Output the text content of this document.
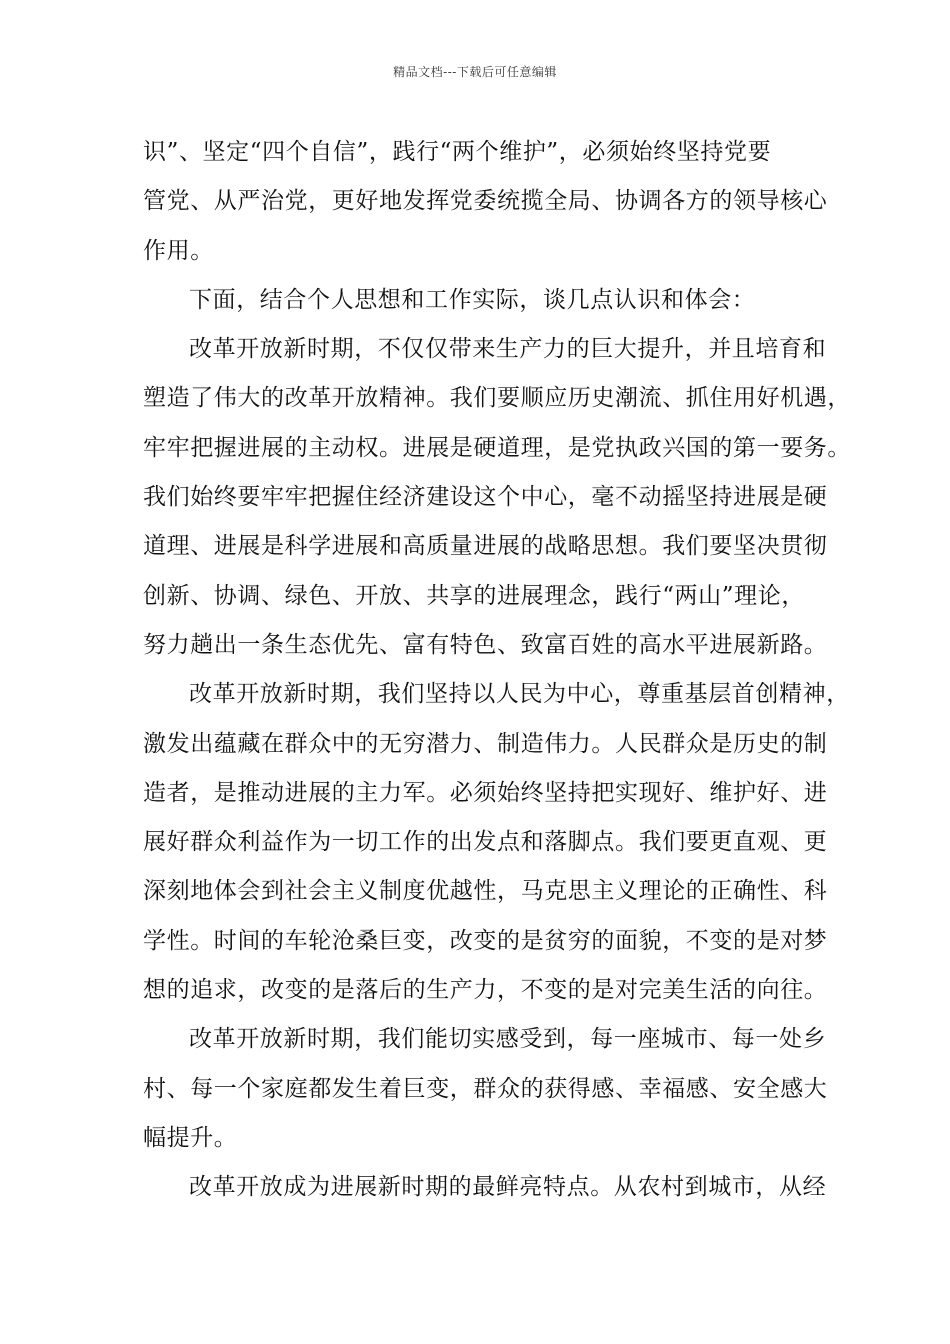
精品文档---下载后可任意编辑
识”、坚定“四个自信”，践行“两个维护”，必须始终坚持党要
管党、从严治党，更好地发挥党委统揽全局、协调各方的领导核心
作用。
下面，结合个人思想和工作实际，谈几点认识和体会：
改革开放新时期，不仅仅带来生产力的巨大提升，并且培育和
塑造了伟大的改革开放精神。我们要顺应历史潮流、抓住用好机遇，
牢牢把握进展的主动权。进展是硬道理，是党执政兴国的第一要务。
我们始终要牢牢把握住经济建设这个中心，毫不动摇坚持进展是硬
道理、进展是科学进展和高质量进展的战略思想。我们要坚决贯彻
创新、协调、绿色、开放、共享的进展理念，践行“两山”理论，
努力趟出一条生态优先、富有特色、致富百姓的高水平进展新路。
改革开放新时期，我们坚持以人民为中心，尊重基层首创精神，
激发出蕴藏在群众中的无穷潜力、制造伟力。人民群众是历史的制
造者，是推动进展的主力军。必须始终坚持把实现好、维护好、进
展好群众利益作为一切工作的出发点和落脚点。我们要更直观、更
深刻地体会到社会主义制度优越性，马克思主义理论的正确性、科
学性。时间的车轮沧桑巨变，改变的是贫穷的面貌，不变的是对梦
想的追求，改变的是落后的生产力，不变的是对完美生活的向往。
改革开放新时期，我们能切实感受到，每一座城市、每一处乡
村、每一个家庭都发生着巨变，群众的获得感、幸福感、安全感大
幅提升。
改革开放成为进展新时期的最鲜亮特点。从农村到城市，从经
